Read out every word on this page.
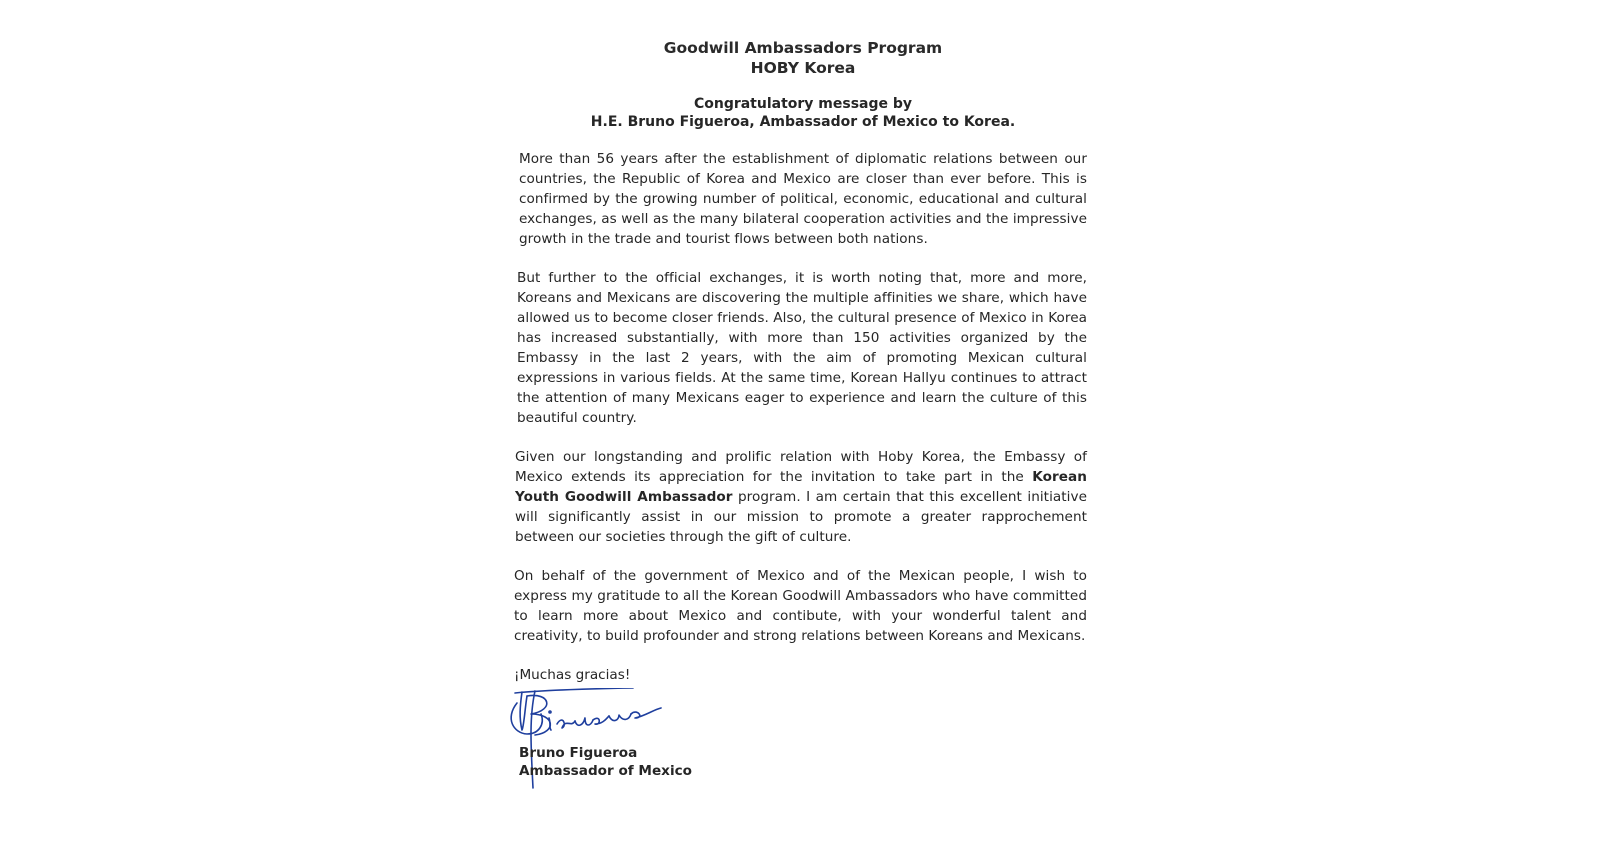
Goodwill Ambassadors Program
HOBY Korea
Congratulatory message by
H.E. Bruno Figueroa, Ambassador of Mexico to Korea.

More than 56 years after the establishment of diplomatic relations between our countries, the Republic of Korea and Mexico are closer than ever before. This is confirmed by the growing number of political, economic, educational and cultural exchanges, as well as the many bilateral cooperation activities and the impressive growth in the trade and tourist flows between both nations.

But further to the official exchanges, it is worth noting that, more and more, Koreans and Mexicans are discovering the multiple affinities we share, which have allowed us to become closer friends. Also, the cultural presence of Mexico in Korea has increased substantially, with more than 150 activities organized by the Embassy in the last 2 years, with the aim of promoting Mexican cultural expressions in various fields. At the same time, Korean Hallyu continues to attract the attention of many Mexicans eager to experience and learn the culture of this beautiful country.

Given our longstanding and prolific relation with Hoby Korea, the Embassy of Mexico extends its appreciation for the invitation to take part in the Korean Youth Goodwill Ambassador program. I am certain that this excellent initiative will significantly assist in our mission to promote a greater rapprochement between our societies through the gift of culture.

On behalf of the government of Mexico and of the Mexican people, I wish to express my gratitude to all the Korean Goodwill Ambassadors who have committed to learn more about Mexico and contibute, with your wonderful talent and creativity, to build profounder and strong relations between Koreans and Mexicans.

¡Muchas gracias!
Bruno Figueroa
Ambassador of Mexico
